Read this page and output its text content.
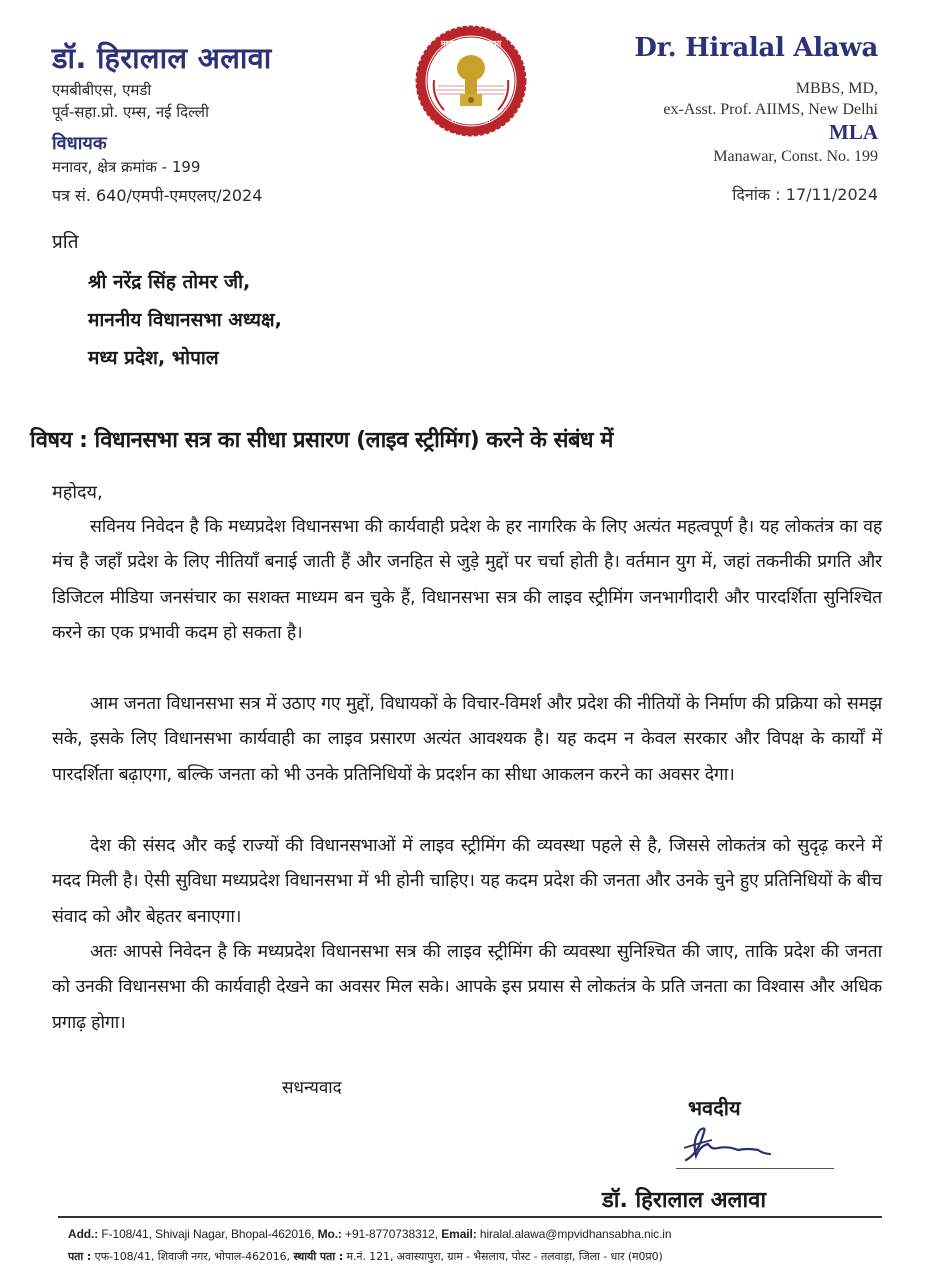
डॉ. हिरालाल अलावा
एमबीबीएस, एमडी
पूर्व-सहा.प्रो. एम्स, नई दिल्ली
विधायक
मनावर, क्षेत्र क्रमांक - 199
पत्र सं. 640/एमपी-एमएलए/2024
मध्यप्रदेश विधानसभा
सत्यमेव जयते
Dr. Hiralal Alawa
MBBS, MD,
ex-Asst. Prof. AIIMS, New Delhi
MLA
Manawar, Const. No. 199
दिनांक : 17/11/2024
प्रति
श्री नरेंद्र सिंह तोमर जी,
माननीय विधानसभा अध्यक्ष,
मध्य प्रदेश, भोपाल
विषय : विधानसभा सत्र का सीधा प्रसारण (लाइव स्ट्रीमिंग) करने के संबंध में
महोदय,
सविनय निवेदन है कि मध्यप्रदेश विधानसभा की कार्यवाही प्रदेश के हर नागरिक के लिए अत्यंत महत्वपूर्ण है। यह लोकतंत्र का वह मंच है जहाँ प्रदेश के लिए नीतियाँ बनाई जाती हैं और जनहित से जुड़े मुद्दों पर चर्चा होती है। वर्तमान युग में, जहां तकनीकी प्रगति और डिजिटल मीडिया जनसंचार का सशक्त माध्यम बन चुके हैं, विधानसभा सत्र की लाइव स्ट्रीमिंग जनभागीदारी और पारदर्शिता सुनिश्चित करने का एक प्रभावी कदम हो सकता है।
आम जनता विधानसभा सत्र में उठाए गए मुद्दों, विधायकों के विचार-विमर्श और प्रदेश की नीतियों के निर्माण की प्रक्रिया को समझ सके, इसके लिए विधानसभा कार्यवाही का लाइव प्रसारण अत्यंत आवश्यक है। यह कदम न केवल सरकार और विपक्ष के कार्यों में पारदर्शिता बढ़ाएगा, बल्कि जनता को भी उनके प्रतिनिधियों के प्रदर्शन का सीधा आकलन करने का अवसर देगा।
देश की संसद और कई राज्यों की विधानसभाओं में लाइव स्ट्रीमिंग की व्यवस्था पहले से है, जिससे लोकतंत्र को सुदृढ़ करने में मदद मिली है। ऐसी सुविधा मध्यप्रदेश विधानसभा में भी होनी चाहिए। यह कदम प्रदेश की जनता और उनके चुने हुए प्रतिनिधियों के बीच संवाद को और बेहतर बनाएगा।
अतः आपसे निवेदन है कि मध्यप्रदेश विधानसभा सत्र की लाइव स्ट्रीमिंग की व्यवस्था सुनिश्चित की जाए, ताकि प्रदेश की जनता को उनकी विधानसभा की कार्यवाही देखने का अवसर मिल सके। आपके इस प्रयास से लोकतंत्र के प्रति जनता का विश्वास और अधिक प्रगाढ़ होगा।
सधन्यवाद
भवदीय
डॉ. हिरालाल अलावा
Add.: F-108/41, Shivaji Nagar, Bhopal-462016, Mo.: +91-8770738312, Email: hiralal.alawa@mpvidhansabha.nic.in
पता : एफ-108/41, शिवाजी नगर, भोपाल-462016, स्थायी पता : म.नं. 121, अवास्यापुरा, ग्राम - भैसलाय, पोस्ट - तलवाड़ा, जिला - धार (म0प्र0)
